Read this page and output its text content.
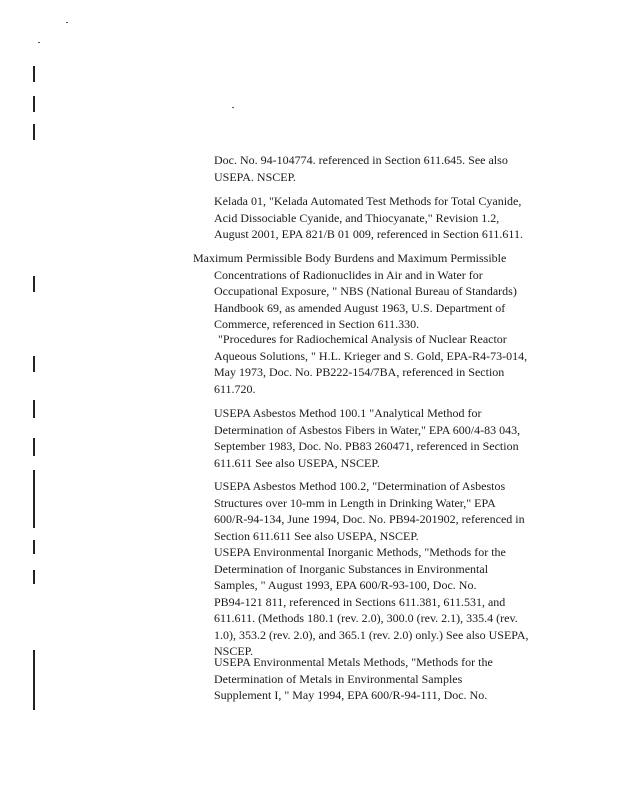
Doc. No. 94-104774. referenced in Section 611.645. See also
USEPA. NSCEP.
Kelada 01, "Kelada Automated Test Methods for Total Cyanide,
Acid Dissociable Cyanide, and Thiocyanate," Revision 1.2,
August 2001, EPA 821/B 01 009, referenced in Section 611.611.
Maximum Permissible Body Burdens and Maximum Permissible
Concentrations of Radionuclides in Air and in Water for
Occupational Exposure, " NBS (National Bureau of Standards)
Handbook 69, as amended August 1963, U.S. Department of
Commerce, referenced in Section 611.330.
"Procedures for Radiochemical Analysis of Nuclear Reactor
Aqueous Solutions, " H.L. Krieger and S. Gold, EPA-R4-73-014,
May 1973, Doc. No. PB222-154/7BA, referenced in Section
611.720.
USEPA Asbestos Method 100.1 "Analytical Method for
Determination of Asbestos Fibers in Water," EPA 600/4-83 043,
September 1983, Doc. No. PB83 260471, referenced in Section
611.611 See also USEPA, NSCEP.
USEPA Asbestos Method 100.2, "Determination of Asbestos
Structures over 10-mm in Length in Drinking Water," EPA
600/R-94-134, June 1994, Doc. No. PB94-201902, referenced in
Section 611.611 See also USEPA, NSCEP.
USEPA Environmental Inorganic Methods, "Methods for the
Determination of Inorganic Substances in Environmental
Samples, " August 1993, EPA 600/R-93-100, Doc. No.
PB94-121 811, referenced in Sections 611.381, 611.531, and
611.611. (Methods 180.1 (rev. 2.0), 300.0 (rev. 2.1), 335.4 (rev.
1.0), 353.2 (rev. 2.0), and 365.1 (rev. 2.0) only.) See also USEPA,
NSCEP.
USEPA Environmental Metals Methods, "Methods for the
Determination of Metals in Environmental Samples
Supplement I, " May 1994, EPA 600/R-94-111, Doc. No.
